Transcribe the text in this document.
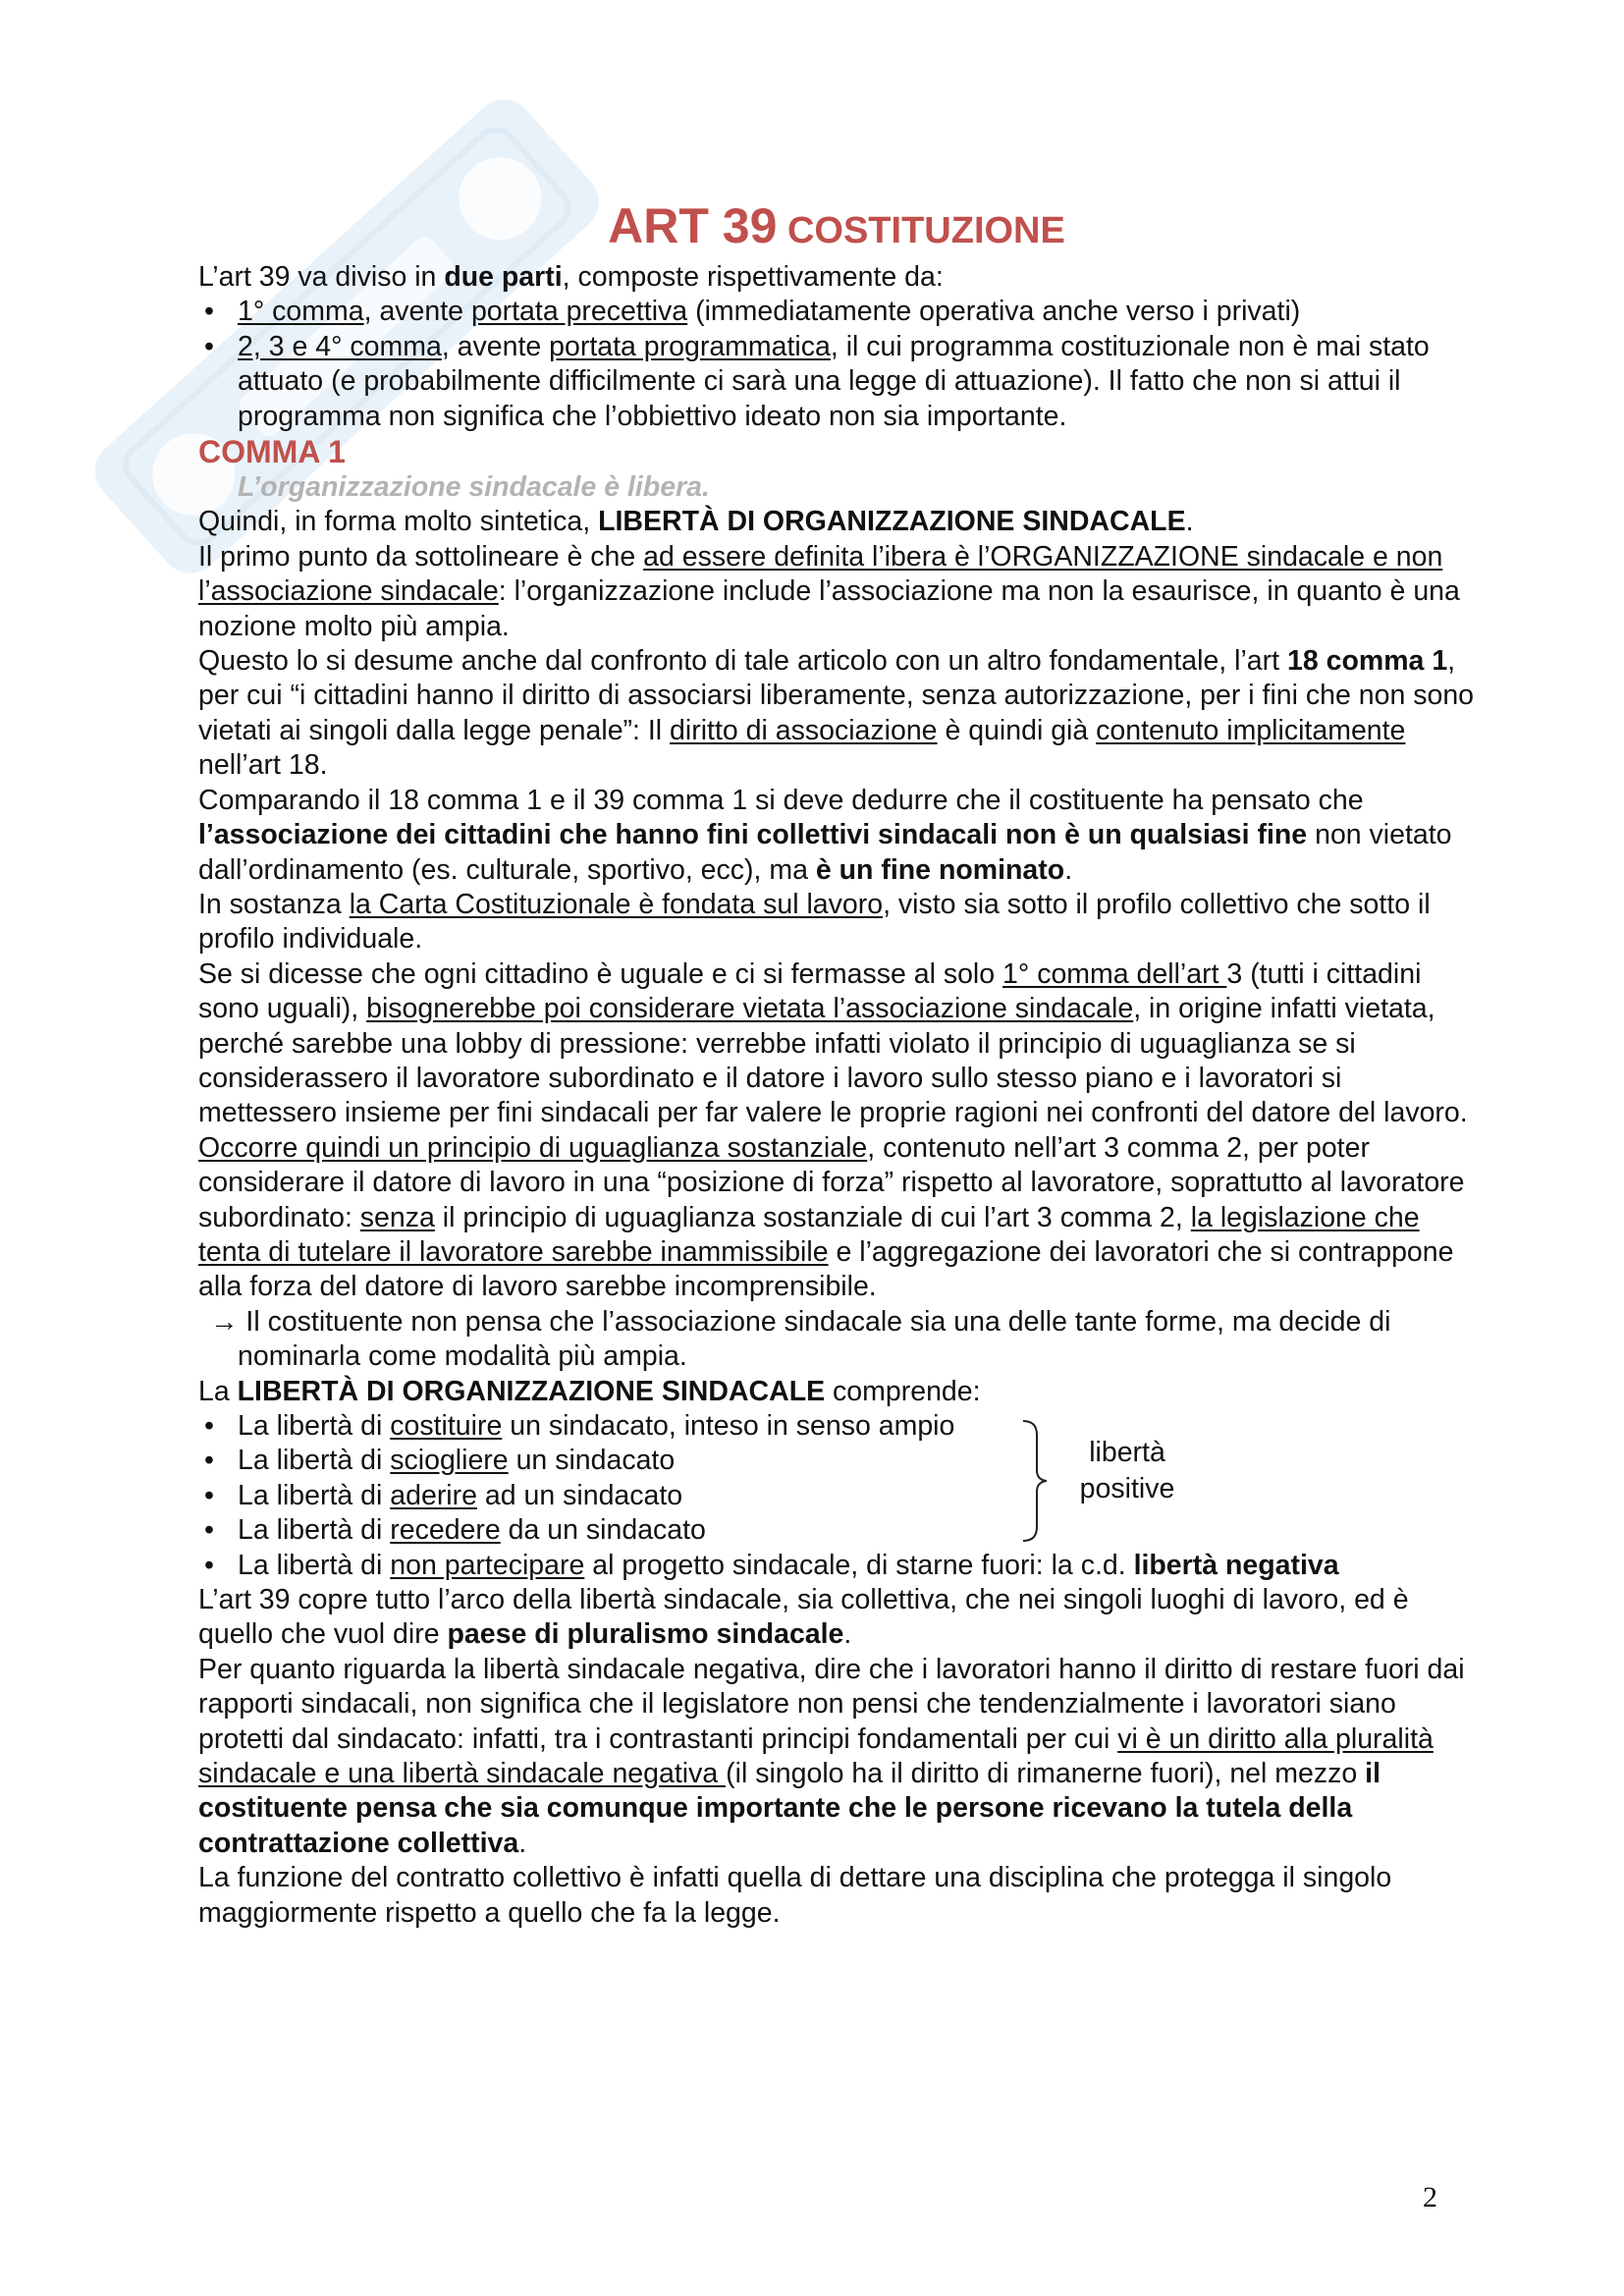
ART 39 COSTITUZIONE

L’art 39 va diviso in due parti, composte rispettivamente da:

• 1° comma, avente portata precettiva (immediatamente operativa anche verso i privati)
• 2, 3 e 4° comma, avente portata programmatica, il cui programma costituzionale non è mai stato attuato (e probabilmente difficilmente ci sarà una legge di attuazione). Il fatto che non si attui il programma non significa che l’obbiettivo ideato non sia importante.

COMMA 1

L’organizzazione sindacale è libera.

Quindi, in forma molto sintetica, LIBERTÀ DI ORGANIZZAZIONE SINDACALE.

Il primo punto da sottolineare è che ad essere definita l’ibera è l’ORGANIZZAZIONE sindacale e non l’associazione sindacale: l’organizzazione include l’associazione ma non la esaurisce, in quanto è una nozione molto più ampia.

Questo lo si desume anche dal confronto di tale articolo con un altro fondamentale, l’art 18 comma 1, per cui “i cittadini hanno il diritto di associarsi liberamente, senza autorizzazione, per i fini che non sono vietati ai singoli dalla legge penale”: Il diritto di associazione è quindi già contenuto implicitamente nell’art 18.

Comparando il 18 comma 1 e il 39 comma 1 si deve dedurre che il costituente ha pensato che l’associazione dei cittadini che hanno fini collettivi sindacali non è un qualsiasi fine non vietato dall’ordinamento (es. culturale, sportivo, ecc), ma è un fine nominato.

In sostanza la Carta Costituzionale è fondata sul lavoro, visto sia sotto il profilo collettivo che sotto il profilo individuale.

Se si dicesse che ogni cittadino è uguale e ci si fermasse al solo 1° comma dell’art 3 (tutti i cittadini sono uguali), bisognerebbe poi considerare vietata l’associazione sindacale, in origine infatti vietata, perché sarebbe una lobby di pressione: verrebbe infatti violato il principio di uguaglianza se si considerassero il lavoratore subordinato e il datore i lavoro sullo stesso piano e i lavoratori si mettessero insieme per fini sindacali per far valere le proprie ragioni nei confronti del datore del lavoro.

Occorre quindi un principio di uguaglianza sostanziale, contenuto nell’art 3 comma 2, per poter considerare il datore di lavoro in una “posizione di forza” rispetto al lavoratore, soprattutto al lavoratore subordinato: senza il principio di uguaglianza sostanziale di cui l’art 3 comma 2, la legislazione che tenta di tutelare il lavoratore sarebbe inammissibile e l’aggregazione dei lavoratori che si contrappone alla forza del datore di lavoro sarebbe incomprensibile.

→ Il costituente non pensa che l’associazione sindacale sia una delle tante forme, ma decide di nominarla come modalità più ampia.

La LIBERTÀ DI ORGANIZZAZIONE SINDACALE comprende:

• La libertà di costituire un sindacato, inteso in senso ampio
• La libertà di sciogliere un sindacato
• La libertà di aderire ad un sindacato
• La libertà di recedere da un sindacato
• La libertà di non partecipare al progetto sindacale, di starne fuori: la c.d. libertà negativa
libertà
positive

L’art 39 copre tutto l’arco della libertà sindacale, sia collettiva, che nei singoli luoghi di lavoro, ed è quello che vuol dire paese di pluralismo sindacale.

Per quanto riguarda la libertà sindacale negativa, dire che i lavoratori hanno il diritto di restare fuori dai rapporti sindacali, non significa che il legislatore non pensi che tendenzialmente i lavoratori siano protetti dal sindacato: infatti, tra i contrastanti principi fondamentali per cui vi è un diritto alla pluralità sindacale e una libertà sindacale negativa (il singolo ha il diritto di rimanerne fuori), nel mezzo il costituente pensa che sia comunque importante che le persone ricevano la tutela della contrattazione collettiva.

La funzione del contratto collettivo è infatti quella di dettare una disciplina che protegga il singolo maggiormente rispetto a quello che fa la legge.

2
